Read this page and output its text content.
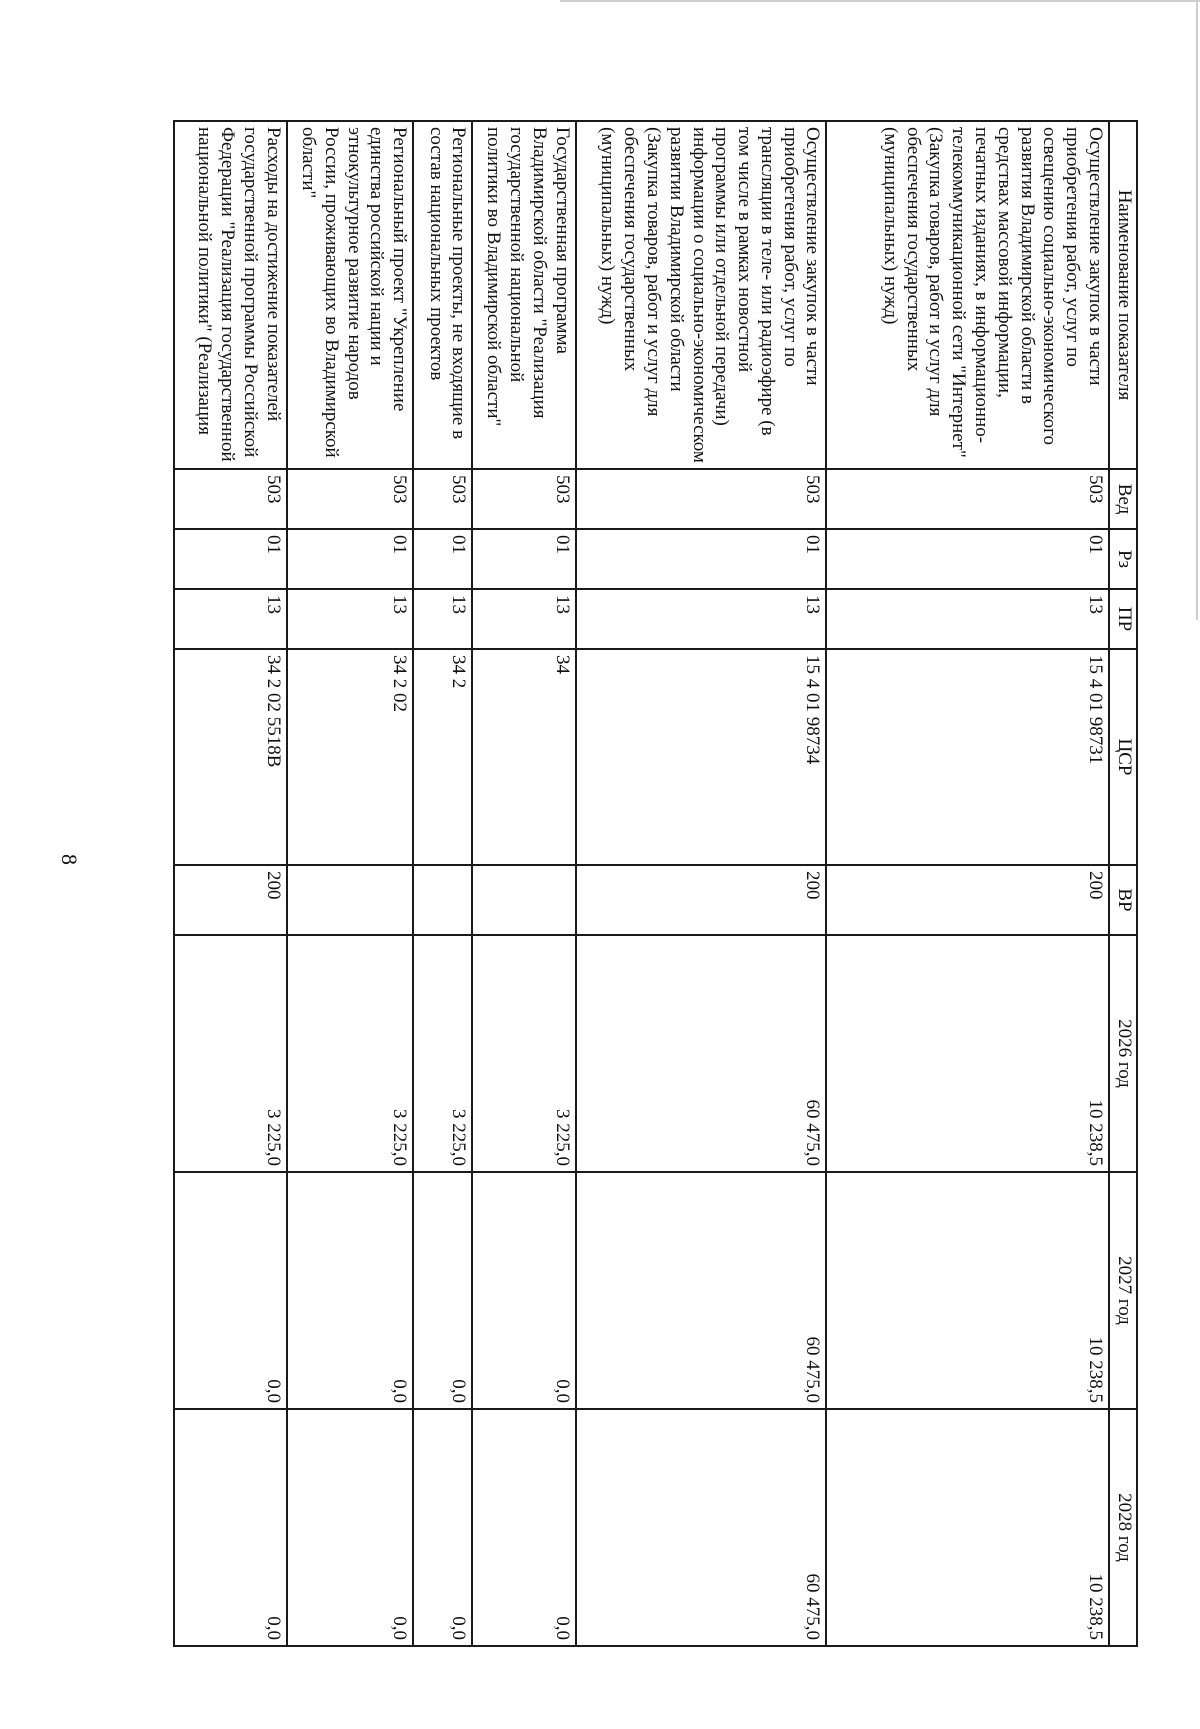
8
Наименование показателя	Вед	Рз	ПР	ЦСР	ВР	2026 год	2027 год	2028 год
Осуществление закупок в части приобретения работ, услуг по освещению социально-экономического развития Владимирской области в средствах массовой информации, печатных изданиях, в информационно-телекоммуникационной сети "Интернет" (Закупка товаров, работ и услуг для обеспечения государственных (муниципальных) нужд)	503	01	13	15 4 01 98731	200	10 238,5	10 238,5	10 238,5
Осуществление закупок в части приобретения работ, услуг по трансляции в теле- или радиоэфире (в том числе в рамках новостной программы или отдельной передачи) информации о социально-экономическом развитии Владимирской области (Закупка товаров, работ и услуг для обеспечения государственных (муниципальных) нужд)	503	01	13	15 4 01 98734	200	60 475,0	60 475,0	60 475,0
Государственная программа Владимирской области "Реализация государственной национальной политики во Владимирской области"	503	01	13	34		3 225,0	0,0	0,0
Региональные проекты, не входящие в состав национальных проектов	503	01	13	34 2		3 225,0	0,0	0,0
Региональный проект "Укрепление единства российской нации и этнокультурное развитие народов России, проживающих во Владимирской области"	503	01	13	34 2 02		3 225,0	0,0	0,0
Расходы на достижение показателей государственной программы Российской Федерации "Реализация государственной национальной политики" (Реализация	503	01	13	34 2 02 5518В	200	3 225,0	0,0	0,0
